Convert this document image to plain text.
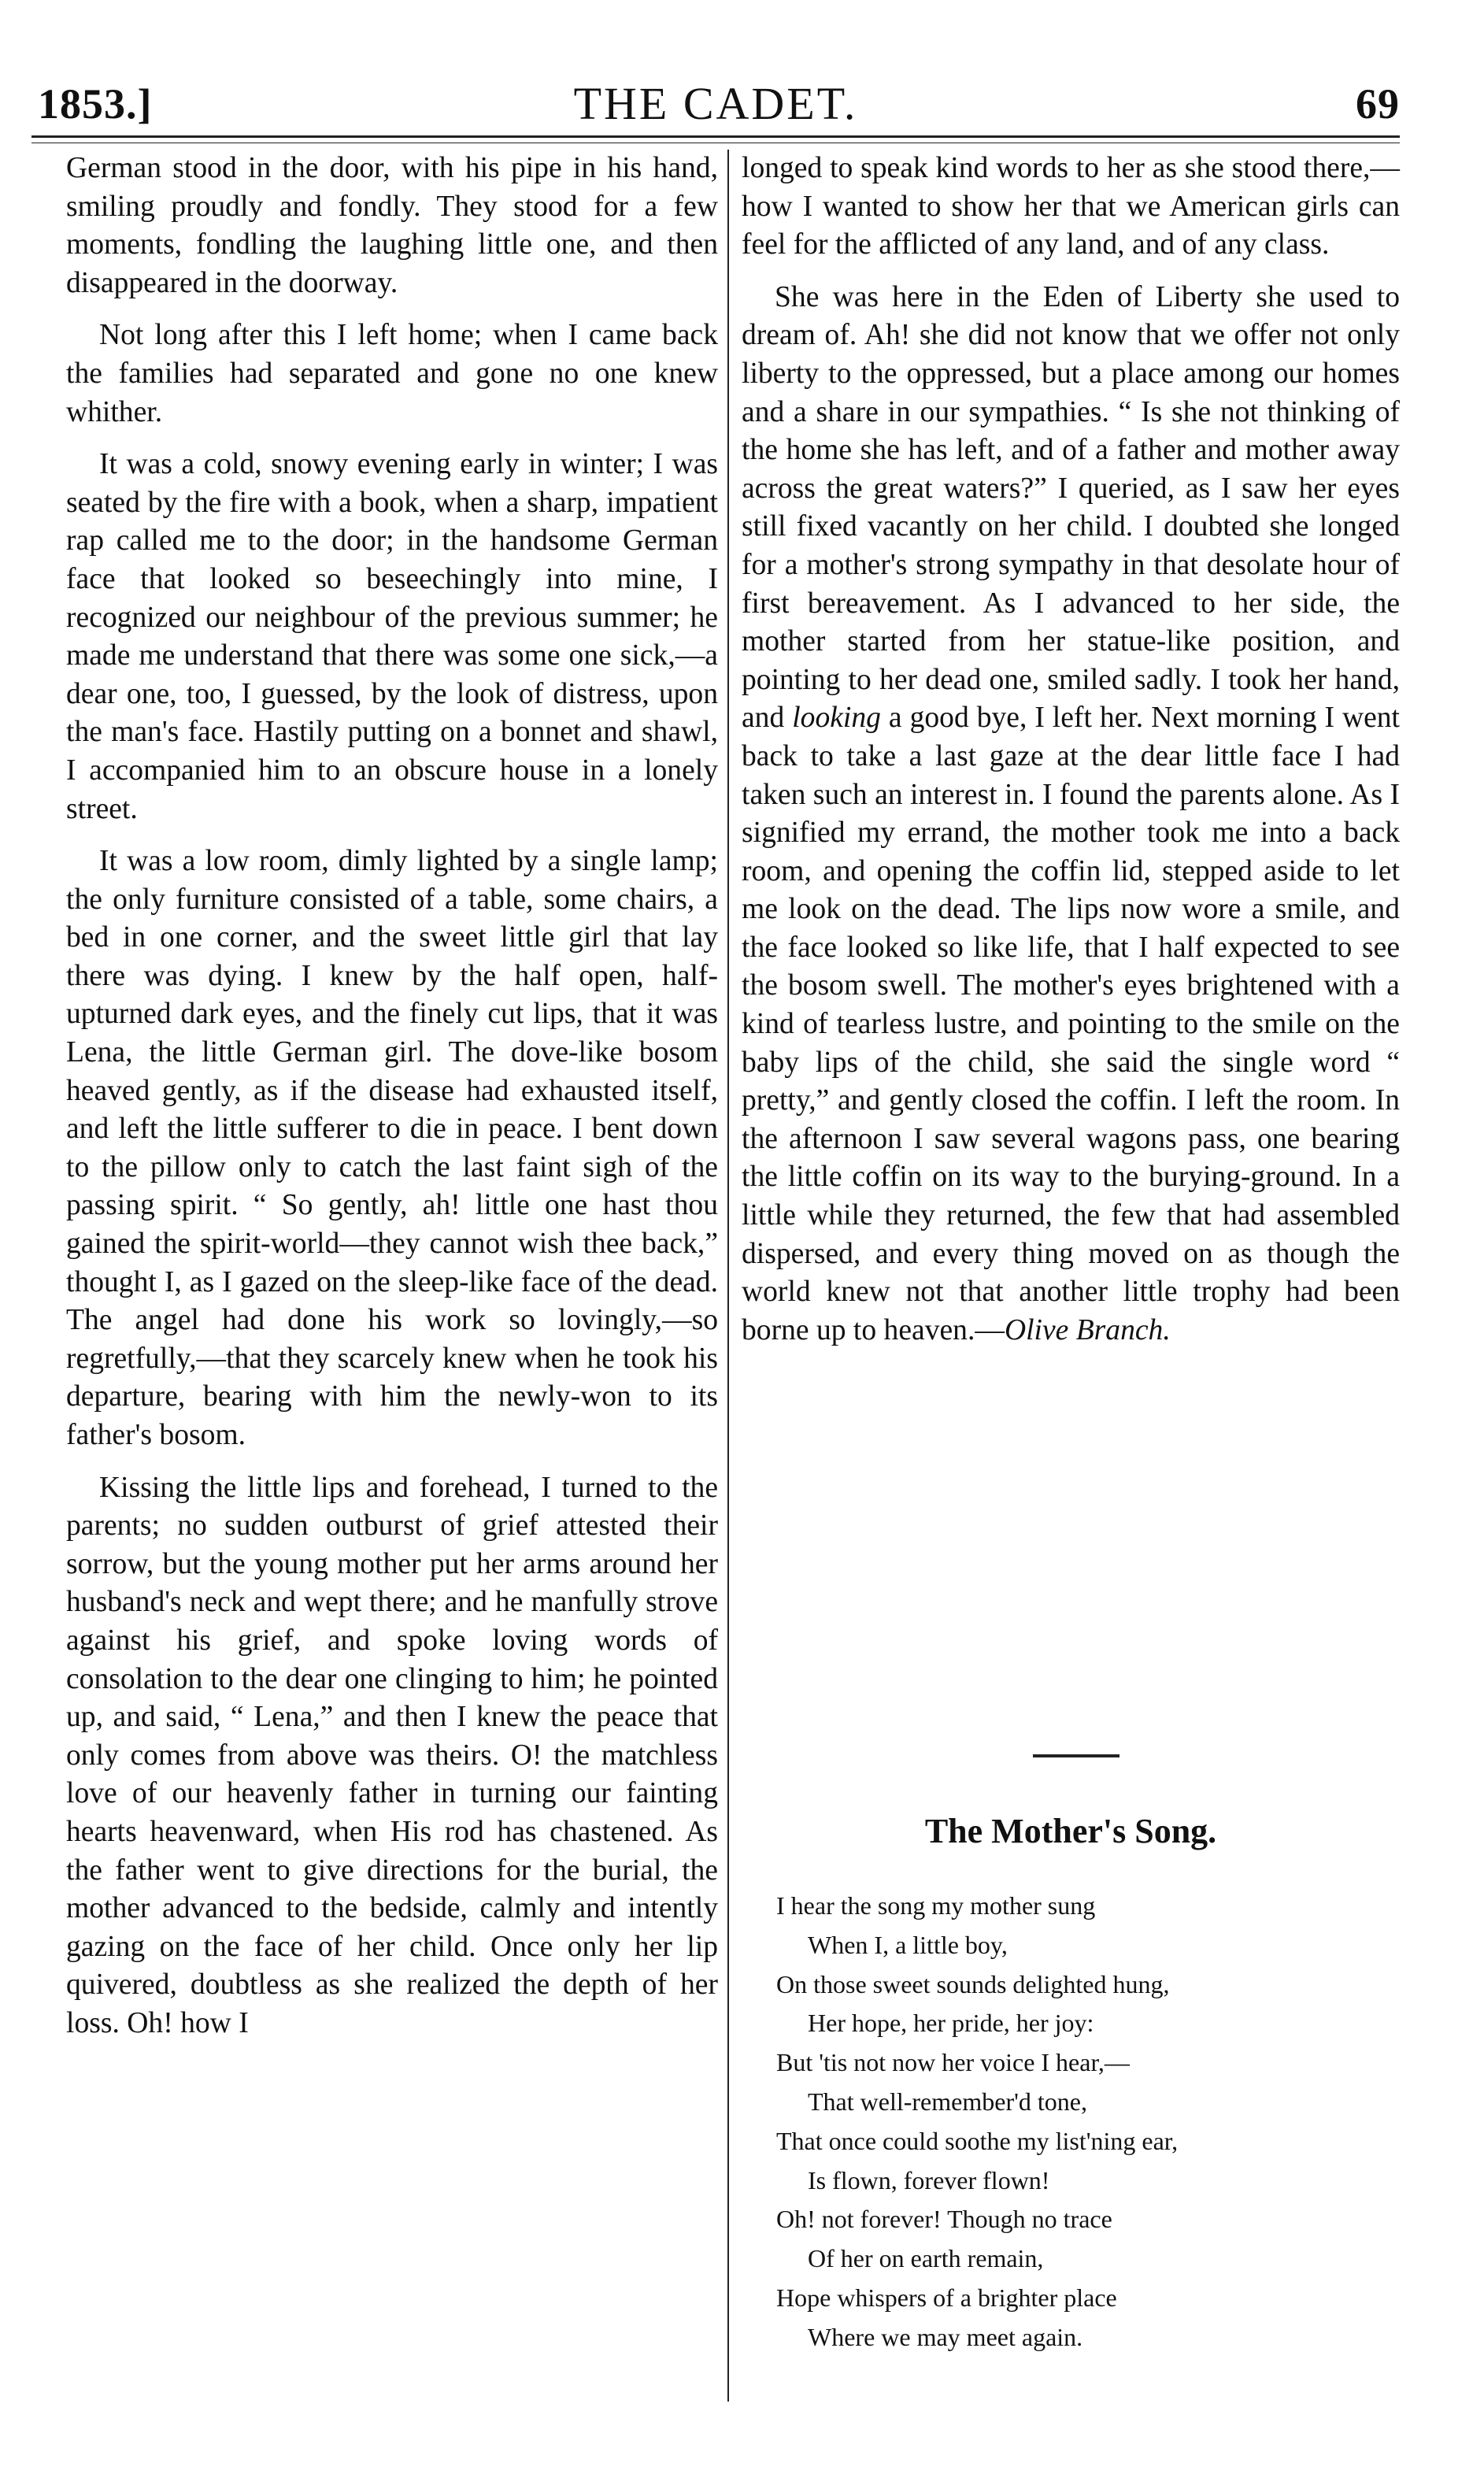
1853.]	THE CADET.	69

German stood in the door, with his pipe in his hand, smiling proudly and fondly. They stood for a few moments, fondling the laughing little one, and then disappeared in the doorway.

Not long after this I left home; when I came back the families had separated and gone no one knew whither.

It was a cold, snowy evening early in winter; I was seated by the fire with a book, when a sharp, impatient rap called me to the door; in the handsome German face that looked so beseechingly into mine, I recognized our neighbour of the previous summer; he made me understand that there was some one sick,—a dear one, too, I guessed, by the look of distress, upon the man's face. Hastily putting on a bonnet and shawl, I accompanied him to an obscure house in a lonely street.

It was a low room, dimly lighted by a single lamp; the only furniture consisted of a table, some chairs, a bed in one corner, and the sweet little girl that lay there was dying. I knew by the half open, half-upturned dark eyes, and the finely cut lips, that it was Lena, the little German girl. The dove-like bosom heaved gently, as if the disease had exhausted itself, and left the little sufferer to die in peace. I bent down to the pillow only to catch the last faint sigh of the passing spirit. “ So gently, ah! little one hast thou gained the spirit-world—they cannot wish thee back,” thought I, as I gazed on the sleep-like face of the dead. The angel had done his work so lovingly,—so regretfully,—that they scarcely knew when he took his departure, bearing with him the newly-won to its father's bosom.

Kissing the little lips and forehead, I turned to the parents; no sudden outburst of grief attested their sorrow, but the young mother put her arms around her husband's neck and wept there; and he manfully strove against his grief, and spoke loving words of consolation to the dear one clinging to him; he pointed up, and said, “ Lena,” and then I knew the peace that only comes from above was theirs. O! the matchless love of our heavenly father in turning our fainting hearts heavenward, when His rod has chastened. As the father went to give directions for the burial, the mother advanced to the bedside, calmly and intently gazing on the face of her child. Once only her lip quivered, doubtless as she realized the depth of her loss. Oh! how I

longed to speak kind words to her as she stood there,—how I wanted to show her that we American girls can feel for the afflicted of any land, and of any class.

She was here in the Eden of Liberty she used to dream of. Ah! she did not know that we offer not only liberty to the oppressed, but a place among our homes and a share in our sympathies. “ Is she not thinking of the home she has left, and of a father and mother away across the great waters?” I queried, as I saw her eyes still fixed vacantly on her child. I doubted she longed for a mother's strong sympathy in that desolate hour of first bereavement. As I advanced to her side, the mother started from her statue-like position, and pointing to her dead one, smiled sadly. I took her hand, and looking a good bye, I left her. Next morning I went back to take a last gaze at the dear little face I had taken such an interest in. I found the parents alone. As I signified my errand, the mother took me into a back room, and opening the coffin lid, stepped aside to let me look on the dead. The lips now wore a smile, and the face looked so like life, that I half expected to see the bosom swell. The mother's eyes brightened with a kind of tearless lustre, and pointing to the smile on the baby lips of the child, she said the single word “ pretty,” and gently closed the coffin. I left the room. In the afternoon I saw several wagons pass, one bearing the little coffin on its way to the burying-ground. In a little while they returned, the few that had assembled dispersed, and every thing moved on as though the world knew not that another little trophy had been borne up to heaven.—Olive Branch.

The Mother's Song.
I hear the song my mother sung
When I, a little boy,
On those sweet sounds delighted hung,
Her hope, her pride, her joy:
But 'tis not now her voice I hear,—
That well-remember'd tone,
That once could soothe my list'ning ear,
Is flown, forever flown!
Oh! not forever! Though no trace
Of her on earth remain,
Hope whispers of a brighter place
Where we may meet again.
